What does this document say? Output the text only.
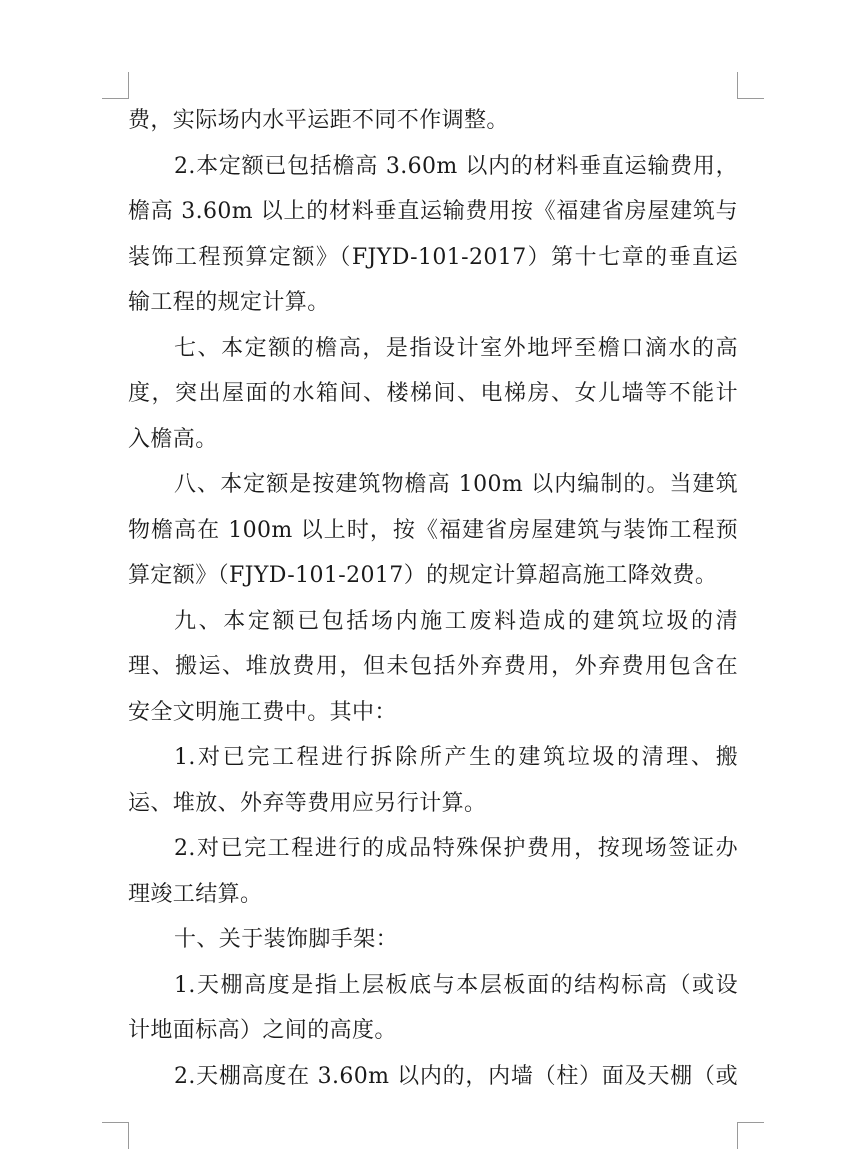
费，实际场内水平运距不同不作调整。
2.本定额已包括檐高 3.60m 以内的材料垂直运输费用，
檐高 3.60m 以上的材料垂直运输费用按《福建省房屋建筑与
装饰工程预算定额》（FJYD-101-2017）第十七章的垂直运
输工程的规定计算。
七、本定额的檐高，是指设计室外地坪至檐口滴水的高
度，突出屋面的水箱间、楼梯间、电梯房、女儿墙等不能计
入檐高。
八、本定额是按建筑物檐高 100m 以内编制的。当建筑
物檐高在 100m 以上时，按《福建省房屋建筑与装饰工程预
算定额》（FJYD-101-2017）的规定计算超高施工降效费。
九、本定额已包括场内施工废料造成的建筑垃圾的清
理、搬运、堆放费用，但未包括外弃费用，外弃费用包含在
安全文明施工费中。其中：
1.对已完工程进行拆除所产生的建筑垃圾的清理、搬
运、堆放、外弃等费用应另行计算。
2.对已完工程进行的成品特殊保护费用，按现场签证办
理竣工结算。
十、关于装饰脚手架：
1.天棚高度是指上层板底与本层板面的结构标高（或设
计地面标高）之间的高度。
2.天棚高度在 3.60m 以内的，内墙（柱）面及天棚（或
